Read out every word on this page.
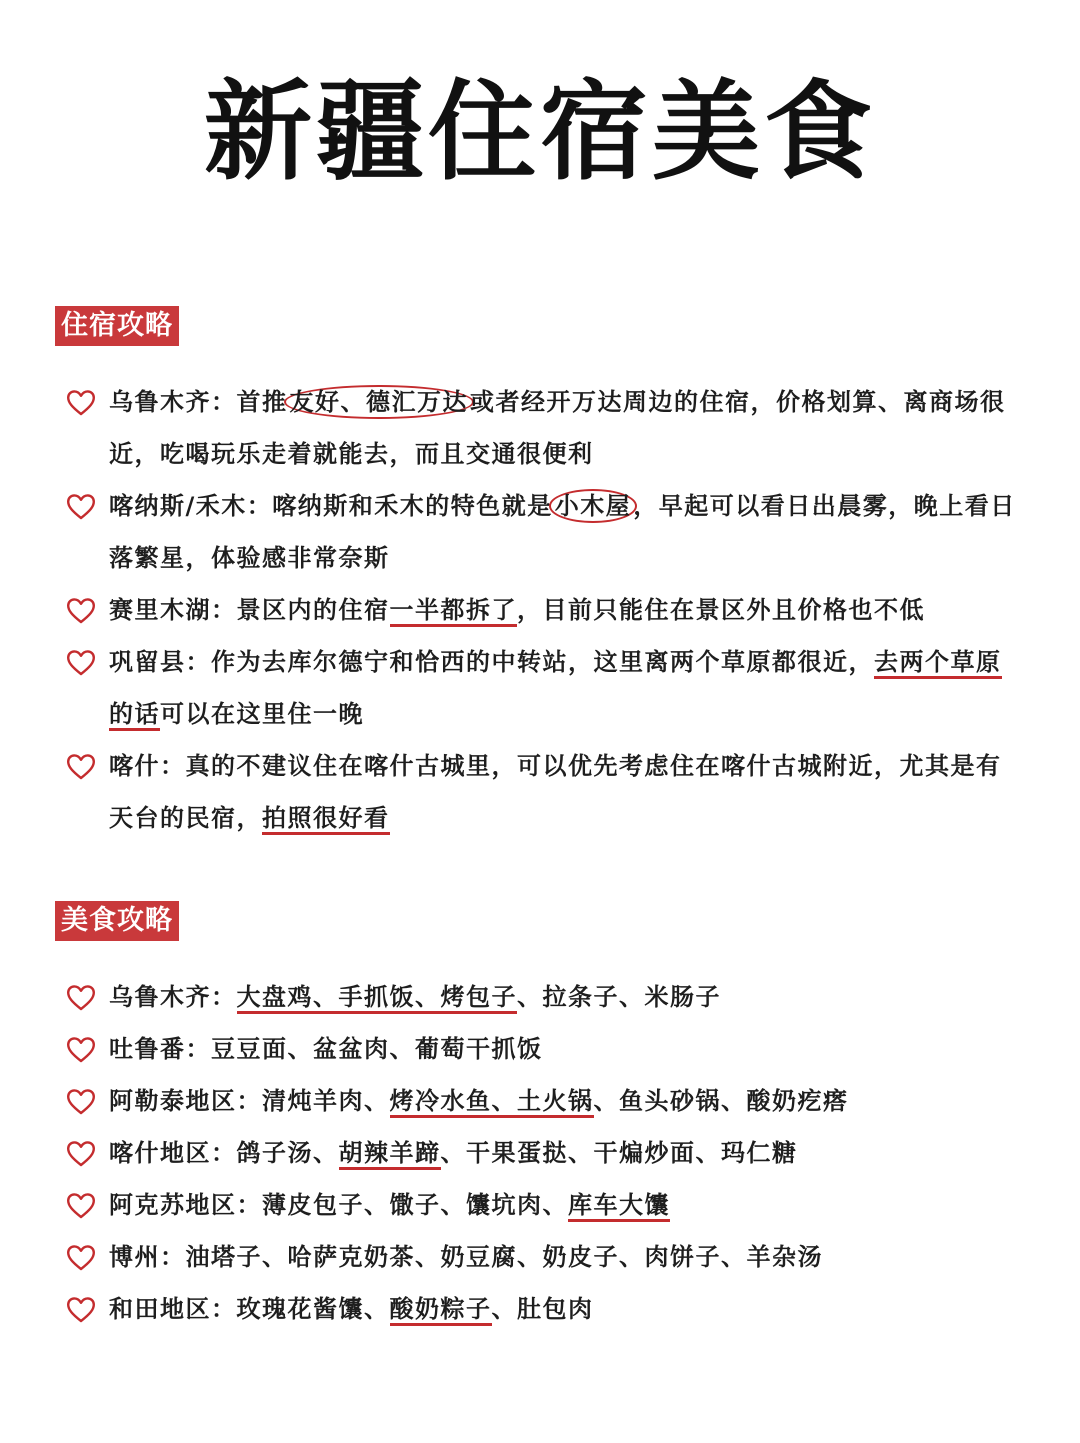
新疆住宿美食
住宿攻略
乌鲁木齐：首推友好、德汇万达或者经开万达周边的住宿，价格划算、离商场很近，吃喝玩乐走着就能去，而且交通很便利
喀纳斯/禾木：喀纳斯和禾木的特色就是小木屋，早起可以看日出晨雾，晚上看日落繁星，体验感非常奈斯
赛里木湖：景区内的住宿一半都拆了，目前只能住在景区外且价格也不低
巩留县：作为去库尔德宁和恰西的中转站，这里离两个草原都很近，去两个草原的话可以在这里住一晚
喀什：真的不建议住在喀什古城里，可以优先考虑住在喀什古城附近，尤其是有天台的民宿，拍照很好看
美食攻略
乌鲁木齐：大盘鸡、手抓饭、烤包子、拉条子、米肠子
吐鲁番：豆豆面、盆盆肉、葡萄干抓饭
阿勒泰地区：清炖羊肉、烤冷水鱼、土火锅、鱼头砂锅、酸奶疙瘩
喀什地区：鸽子汤、胡辣羊蹄、干果蛋挞、干煸炒面、玛仁糖
阿克苏地区：薄皮包子、馓子、馕坑肉、库车大馕
博州：油塔子、哈萨克奶茶、奶豆腐、奶皮子、肉饼子、羊杂汤
和田地区：玫瑰花酱馕、酸奶粽子、肚包肉
